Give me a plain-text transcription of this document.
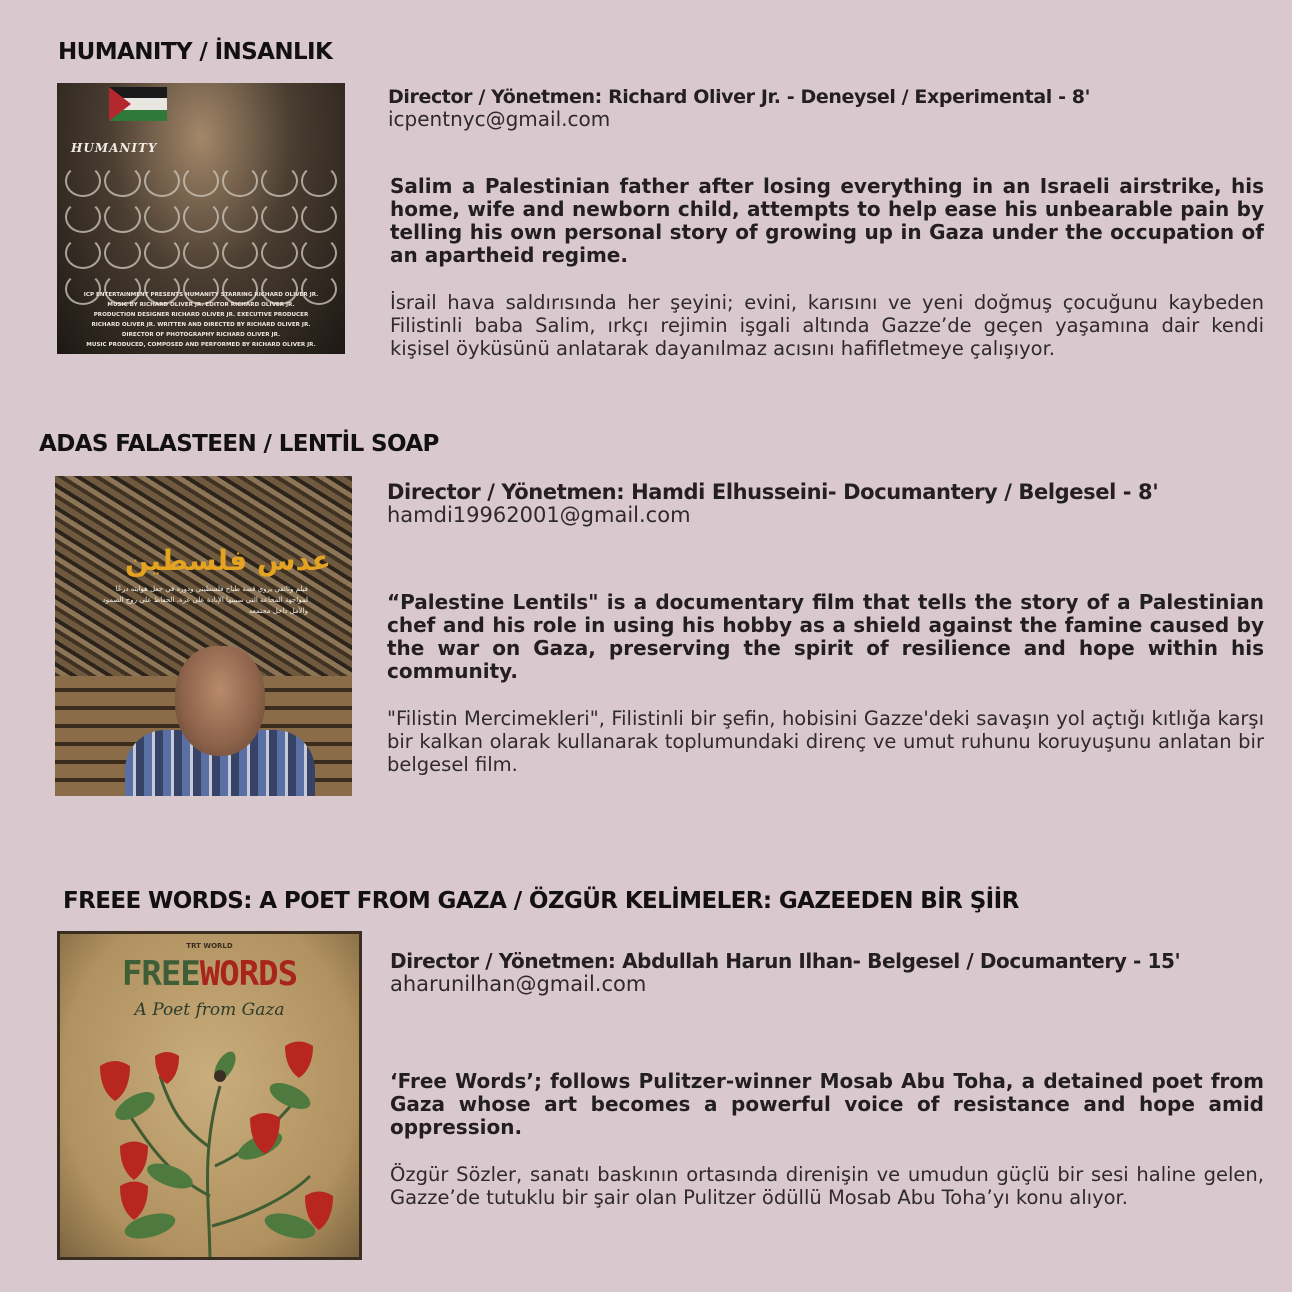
HUMANITY / İNSANLIK
HUMANITY
ICP ENTERTAINMENT PRESENTS HUMANITY STARRING RICHARD OLIVER JR.
MUSIC BY RICHARD OLIVER JR. EDITOR RICHARD OLIVER JR.
PRODUCTION DESIGNER RICHARD OLIVER JR. EXECUTIVE PRODUCER
RICHARD OLIVER JR. WRITTEN AND DIRECTED BY RICHARD OLIVER JR.
DIRECTOR OF PHOTOGRAPHY RICHARD OLIVER JR.
MUSIC PRODUCED, COMPOSED AND PERFORMED BY RICHARD OLIVER JR.

Director / Yönetmen: Richard Oliver Jr. - Deneysel / Experimental - 8'

icpentnyc@gmail.com

Salim a Palestinian father after losing everything in an Israeli airstrike, his home, wife and newborn child, attempts to help ease his unbearable pain by telling his own personal story of growing up in Gaza under the occupation of an apartheid regime.

İsrail hava saldırısında her şeyini; evini, karısını ve yeni doğmuş çocuğunu kaybeden Filistinli baba Salim, ırkçı rejimin işgali altında Gazze’de geçen yaşamına dair kendi kişisel öyküsünü anlatarak dayanılmaz acısını hafifletmeye çalışıyor.

ADAS FALASTEEN / LENTİL SOAP
عدس فلسطين
فيلم وثائقي يروي قصة طباخ فلسطيني ودوره في جعل هوايته درعًا لمواجهة المجاعة التي سببتها الإبادة على غزة، الحفاظ على روح الصمود والأمل داخل مجتمعه

Director / Yönetmen: Hamdi Elhusseini- Documantery / Belgesel - 8'

hamdi19962001@gmail.com

“Palestine Lentils" is a documentary film that tells the story of a Palestinian chef and his role in using his hobby as a shield against the famine caused by the war on Gaza, preserving the spirit of resilience and hope within his community.

"Filistin Mercimekleri", Filistinli bir şefin, hobisini Gazze'deki savaşın yol açtığı kıtlığa karşı bir kalkan olarak kullanarak toplumundaki direnç ve umut ruhunu koruyuşunu anlatan bir belgesel film.

FREEE WORDS: A POET FROM GAZA / ÖZGÜR KELİMELER: GAZEEDEN BİR ŞİİR
TRT WORLD
FREEWORDS
A Poet from Gaza

Director / Yönetmen: Abdullah Harun Ilhan- Belgesel / Documantery - 15'

aharunilhan@gmail.com

‘Free Words’; follows Pulitzer-winner Mosab Abu Toha, a detained poet from Gaza whose art becomes a powerful voice of resistance and hope amid oppression.

Özgür Sözler, sanatı baskının ortasında direnişin ve umudun güçlü bir sesi haline gelen, Gazze’de tutuklu bir şair olan Pulitzer ödüllü Mosab Abu Toha’yı konu alıyor.
